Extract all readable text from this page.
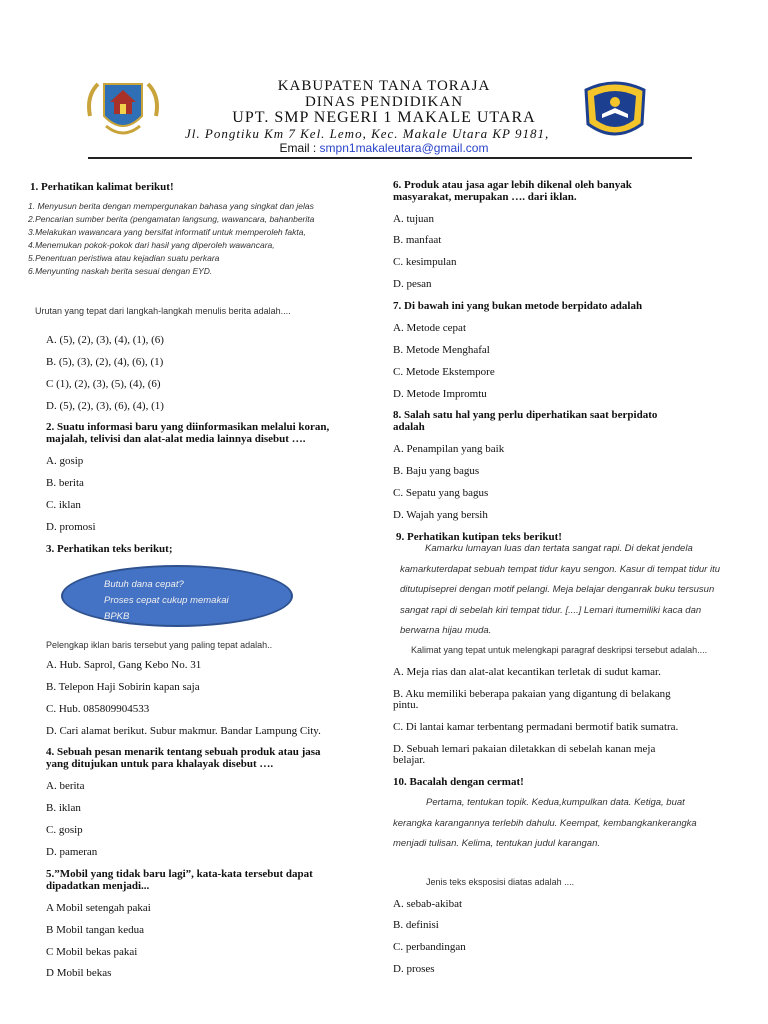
KABUPATEN TANA TORAJA
DINAS PENDIDIKAN
UPT. SMP NEGERI 1 MAKALE UTARA
Jl. Pongtiku Km 7 Kel. Lemo, Kec. Makale Utara KP 9181,
Email : smpn1makaleutara@gmail.com
1. Perhatikan kalimat berikut!
1. Menyusun berita dengan mempergunakan bahasa yang singkat dan jelas
2.Pencarian sumber berita (pengamatan langsung, wawancara, bahanberita
3.Melakukan wawancara yang bersifat informatif untuk memperoleh fakta,
4.Menemukan pokok-pokok dari hasil yang diperoleh wawancara,
5.Penentuan peristiwa atau kejadian suatu perkara
6.Menyunting naskah berita sesuai dengan EYD.
Urutan yang tepat dari langkah-langkah menulis berita adalah....
A. (5), (2), (3), (4), (1), (6)
B. (5), (3), (2), (4), (6), (1)
C (1), (2), (3), (5), (4), (6)
D. (5), (2), (3), (6), (4), (1)
2. Suatu informasi baru yang diinformasikan melalui koran,
majalah, telivisi dan alat-alat media lainnya disebut ….
A. gosip
B. berita
C. iklan
D. promosi
3. Perhatikan teks berikut;
Butuh dana cepat?
Proses cepat cukup memakai
BPKB
Pelengkap iklan baris tersebut yang paling tepat adalah..
A. Hub. Saprol, Gang Kebo No. 31
B. Telepon Haji Sobirin kapan saja
C. Hub. 085809904533
D. Cari alamat berikut. Subur makmur. Bandar Lampung City.
4. Sebuah pesan menarik tentang sebuah produk atau jasa
yang ditujukan untuk para khalayak disebut ….
A. berita
B. iklan
C. gosip
D. pameran
5.”Mobil yang tidak baru lagi”, kata-kata tersebut dapat
dipadatkan menjadi...
A Mobil setengah pakai
B Mobil tangan kedua
C Mobil bekas pakai
D Mobil bekas
6. Produk atau jasa agar lebih dikenal oleh banyak
masyarakat, merupakan …. dari iklan.
A. tujuan
B. manfaat
C. kesimpulan
D. pesan
7. Di bawah ini yang bukan metode berpidato adalah
A. Metode cepat
B. Metode Menghafal
C. Metode Ekstempore
D. Metode Impromtu
8. Salah satu hal yang perlu diperhatikan saat berpidato
adalah
A. Penampilan yang baik
B. Baju yang bagus
C. Sepatu yang bagus
D. Wajah yang bersih
9. Perhatikan kutipan teks berikut!
Kamarku lumayan luas dan tertata sangat rapi. Di dekat jendela
kamarkuterdapat sebuah tempat tidur kayu sengon. Kasur di tempat tidur itu
ditutupiseprei dengan motif pelangi. Meja belajar denganrak buku tersusun
sangat rapi di sebelah kiri tempat tidur. [....] Lemari itumemiliki kaca dan
berwarna hijau muda.
Kalimat yang tepat untuk melengkapi paragraf deskripsi tersebut adalah....
A. Meja rias dan alat-alat kecantikan terletak di sudut kamar.
B. Aku memiliki beberapa pakaian yang digantung di belakang
pintu.
C. Di lantai kamar terbentang permadani bermotif batik sumatra.
D. Sebuah lemari pakaian diletakkan di sebelah kanan meja
belajar.
10. Bacalah dengan cermat!
Pertama, tentukan topik. Kedua,kumpulkan data. Ketiga, buat
kerangka karangannya terlebih dahulu. Keempat, kembangkankerangka
menjadi tulisan. Kelima, tentukan judul karangan.
Jenis teks eksposisi diatas adalah ....
A. sebab-akibat
B. definisi
C. perbandingan
D. proses
